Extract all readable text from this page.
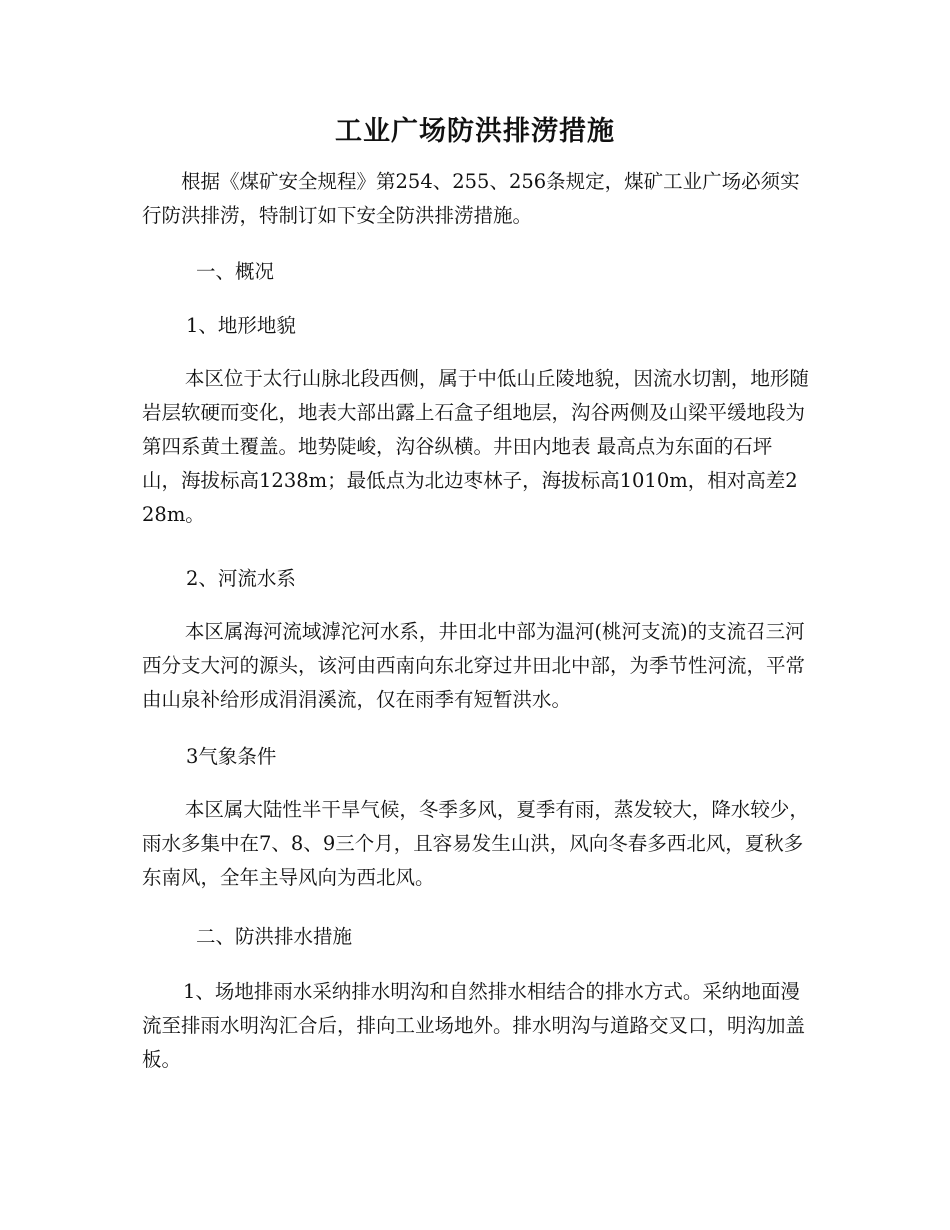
工业广场防洪排涝措施

根据《煤矿安全规程》第254、255、256条规定，煤矿工业广场必须实行防洪排涝，特制订如下安全防洪排涝措施。

一、概况

1、地形地貌

本区位于太行山脉北段西侧，属于中低山丘陵地貌，因流水切割，地形随岩层软硬而变化，地表大部出露上石盒子组地层，沟谷两侧及山梁平缓地段为第四系黄土覆盖。地势陡峻，沟谷纵横。井田内地表 最高点为东面的石坪山，海拔标高1238m；最低点为北边枣林子，海拔标高1010m，相对高差228m。

2、河流水系

本区属海河流域滹沱河水系，井田北中部为温河(桃河支流)的支流召三河西分支大河的源头，该河由西南向东北穿过井田北中部，为季节性河流，平常由山泉补给形成涓涓溪流，仅在雨季有短暂洪水。

3气象条件

本区属大陆性半干旱气候，冬季多风，夏季有雨，蒸发较大，降水较少，雨水多集中在7、8、9三个月，且容易发生山洪，风向冬春多西北风，夏秋多东南风，全年主导风向为西北风。

二、防洪排水措施

1、场地排雨水采纳排水明沟和自然排水相结合的排水方式。采纳地面漫流至排雨水明沟汇合后，排向工业场地外。排水明沟与道路交叉口，明沟加盖板。
